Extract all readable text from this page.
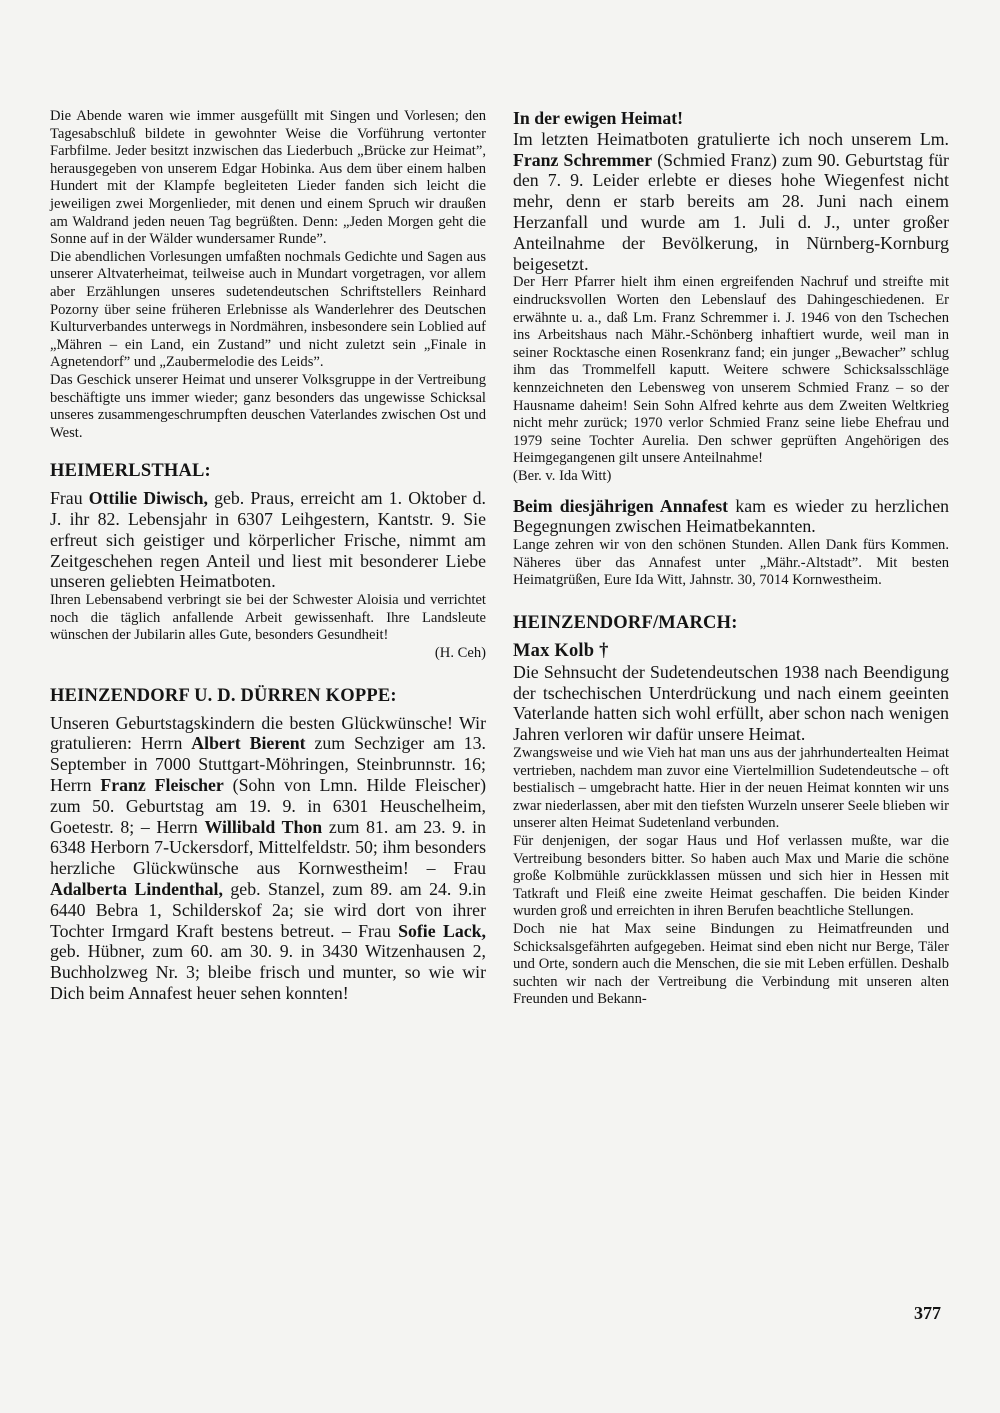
Die Abende waren wie immer ausgefüllt mit Singen und Vorlesen; den Tagesabschluß bildete in gewohnter Weise die Vorführung vertonter Farbfilme. Jeder besitzt inzwischen das Liederbuch „Brücke zur Heimat”, herausgegeben von unserem Edgar Hobinka. Aus dem über einem halben Hundert mit der Klampfe begleiteten Lieder fanden sich leicht die jeweiligen zwei Morgenlieder, mit denen und einem Spruch wir draußen am Waldrand jeden neuen Tag begrüßten. Denn: „Jeden Morgen geht die Sonne auf in der Wälder wundersamer Runde”.

Die abendlichen Vorlesungen umfaßten nochmals Gedichte und Sagen aus unserer Altvaterheimat, teilweise auch in Mundart vorgetragen, vor allem aber Erzählungen unseres sudetendeutschen Schriftstellers Reinhard Pozorny über seine früheren Erlebnisse als Wanderlehrer des Deutschen Kulturverbandes unterwegs in Nordmähren, insbesondere sein Loblied auf „Mähren – ein Land, ein Zustand” und nicht zuletzt sein „Finale in Agnetendorf” und „Zaubermelodie des Leids”.

Das Geschick unserer Heimat und unserer Volksgruppe in der Vertreibung beschäftigte uns immer wieder; ganz besonders das ungewisse Schicksal unseres zusammengeschrumpften deuschen Vaterlandes zwischen Ost und West.

HEIMERLSTHAL:

Frau Ottilie Diwisch, geb. Praus, erreicht am 1. Oktober d. J. ihr 82. Lebensjahr in 6307 Leihgestern, Kantstr. 9. Sie erfreut sich geistiger und körperlicher Frische, nimmt am Zeitgeschehen regen Anteil und liest mit besonderer Liebe unseren geliebten Heimatboten.

Ihren Lebensabend verbringt sie bei der Schwester Aloisia und verrichtet noch die täglich anfallende Arbeit gewissenhaft. Ihre Landsleute wünschen der Jubilarin alles Gute, besonders Gesundheit!

(H. Ceh)

HEINZENDORF U. D. DÜRREN KOPPE:

Unseren Geburtstagskindern die besten Glückwünsche! Wir gratulieren: Herrn Albert Bierent zum Sechziger am 13. September in 7000 Stuttgart-Möhringen, Steinbrunnstr. 16; Herrn Franz Fleischer (Sohn von Lmn. Hilde Fleischer) zum 50. Geburtstag am 19. 9. in 6301 Heuschelheim, Goetestr. 8; – Herrn Willibald Thon zum 81. am 23. 9. in 6348 Herborn 7-Uckersdorf, Mittelfeldstr. 50; ihm besonders herzliche Glückwünsche aus Kornwestheim! – Frau Adalberta Lindenthal, geb. Stanzel, zum 89. am 24. 9.in 6440 Bebra 1, Schilderskof 2a; sie wird dort von ihrer Tochter Irmgard Kraft bestens betreut. – Frau Sofie Lack, geb. Hübner, zum 60. am 30. 9. in 3430 Witzenhausen 2, Buchholzweg Nr. 3; bleibe frisch und munter, so wie wir Dich beim Annafest heuer sehen konnten!

In der ewigen Heimat!

Im letzten Heimatboten gratulierte ich noch unserem Lm. Franz Schremmer (Schmied Franz) zum 90. Geburtstag für den 7. 9. Leider erlebte er dieses hohe Wiegenfest nicht mehr, denn er starb bereits am 28. Juni nach einem Herzanfall und wurde am 1. Juli d. J., unter großer Anteilnahme der Bevölkerung, in Nürnberg-Kornburg beigesetzt.

Der Herr Pfarrer hielt ihm einen ergreifenden Nachruf und streifte mit eindrucksvollen Worten den Lebenslauf des Dahingeschiedenen. Er erwähnte u. a., daß Lm. Franz Schremmer i. J. 1946 von den Tschechen ins Arbeitshaus nach Mähr.-Schönberg inhaftiert wurde, weil man in seiner Rocktasche einen Rosenkranz fand; ein junger „Bewacher” schlug ihm das Trommelfell kaputt. Weitere schwere Schicksalsschläge kennzeichneten den Lebensweg von unserem Schmied Franz – so der Hausname daheim! Sein Sohn Alfred kehrte aus dem Zweiten Weltkrieg nicht mehr zurück; 1970 verlor Schmied Franz seine liebe Ehefrau und 1979 seine Tochter Aurelia. Den schwer geprüften Angehörigen des Heimgegangenen gilt unsere Anteilnahme!

(Ber. v. Ida Witt)

Beim diesjährigen Annafest kam es wieder zu herzlichen Begegnungen zwischen Heimatbekannten.

Lange zehren wir von den schönen Stunden. Allen Dank fürs Kommen. Näheres über das Annafest unter „Mähr.-Altstadt”. Mit besten Heimatgrüßen, Eure Ida Witt, Jahnstr. 30, 7014 Kornwestheim.

HEINZENDORF/MARCH:

Max Kolb †

Die Sehnsucht der Sudetendeutschen 1938 nach Beendigung der tschechischen Unterdrückung und nach einem geeinten Vaterlande hatten sich wohl erfüllt, aber schon nach wenigen Jahren verloren wir dafür unsere Heimat.

Zwangsweise und wie Vieh hat man uns aus der jahrhundertealten Heimat vertrieben, nachdem man zuvor eine Viertelmillion Sudetendeutsche – oft bestialisch – umgebracht hatte. Hier in der neuen Heimat konnten wir uns zwar niederlassen, aber mit den tiefsten Wurzeln unserer Seele blieben wir unserer alten Heimat Sudetenland verbunden.

Für denjenigen, der sogar Haus und Hof verlassen mußte, war die Vertreibung besonders bitter. So haben auch Max und Marie die schöne große Kolbmühle zurückklassen müssen und sich hier in Hessen mit Tatkraft und Fleiß eine zweite Heimat geschaffen. Die beiden Kinder wurden groß und erreichten in ihren Berufen beachtliche Stellungen.

Doch nie hat Max seine Bindungen zu Heimatfreunden und Schicksalsgefährten aufgegeben. Heimat sind eben nicht nur Berge, Täler und Orte, sondern auch die Menschen, die sie mit Leben erfüllen. Deshalb suchten wir nach der Vertreibung die Verbindung mit unseren alten Freunden und Bekann-

377
